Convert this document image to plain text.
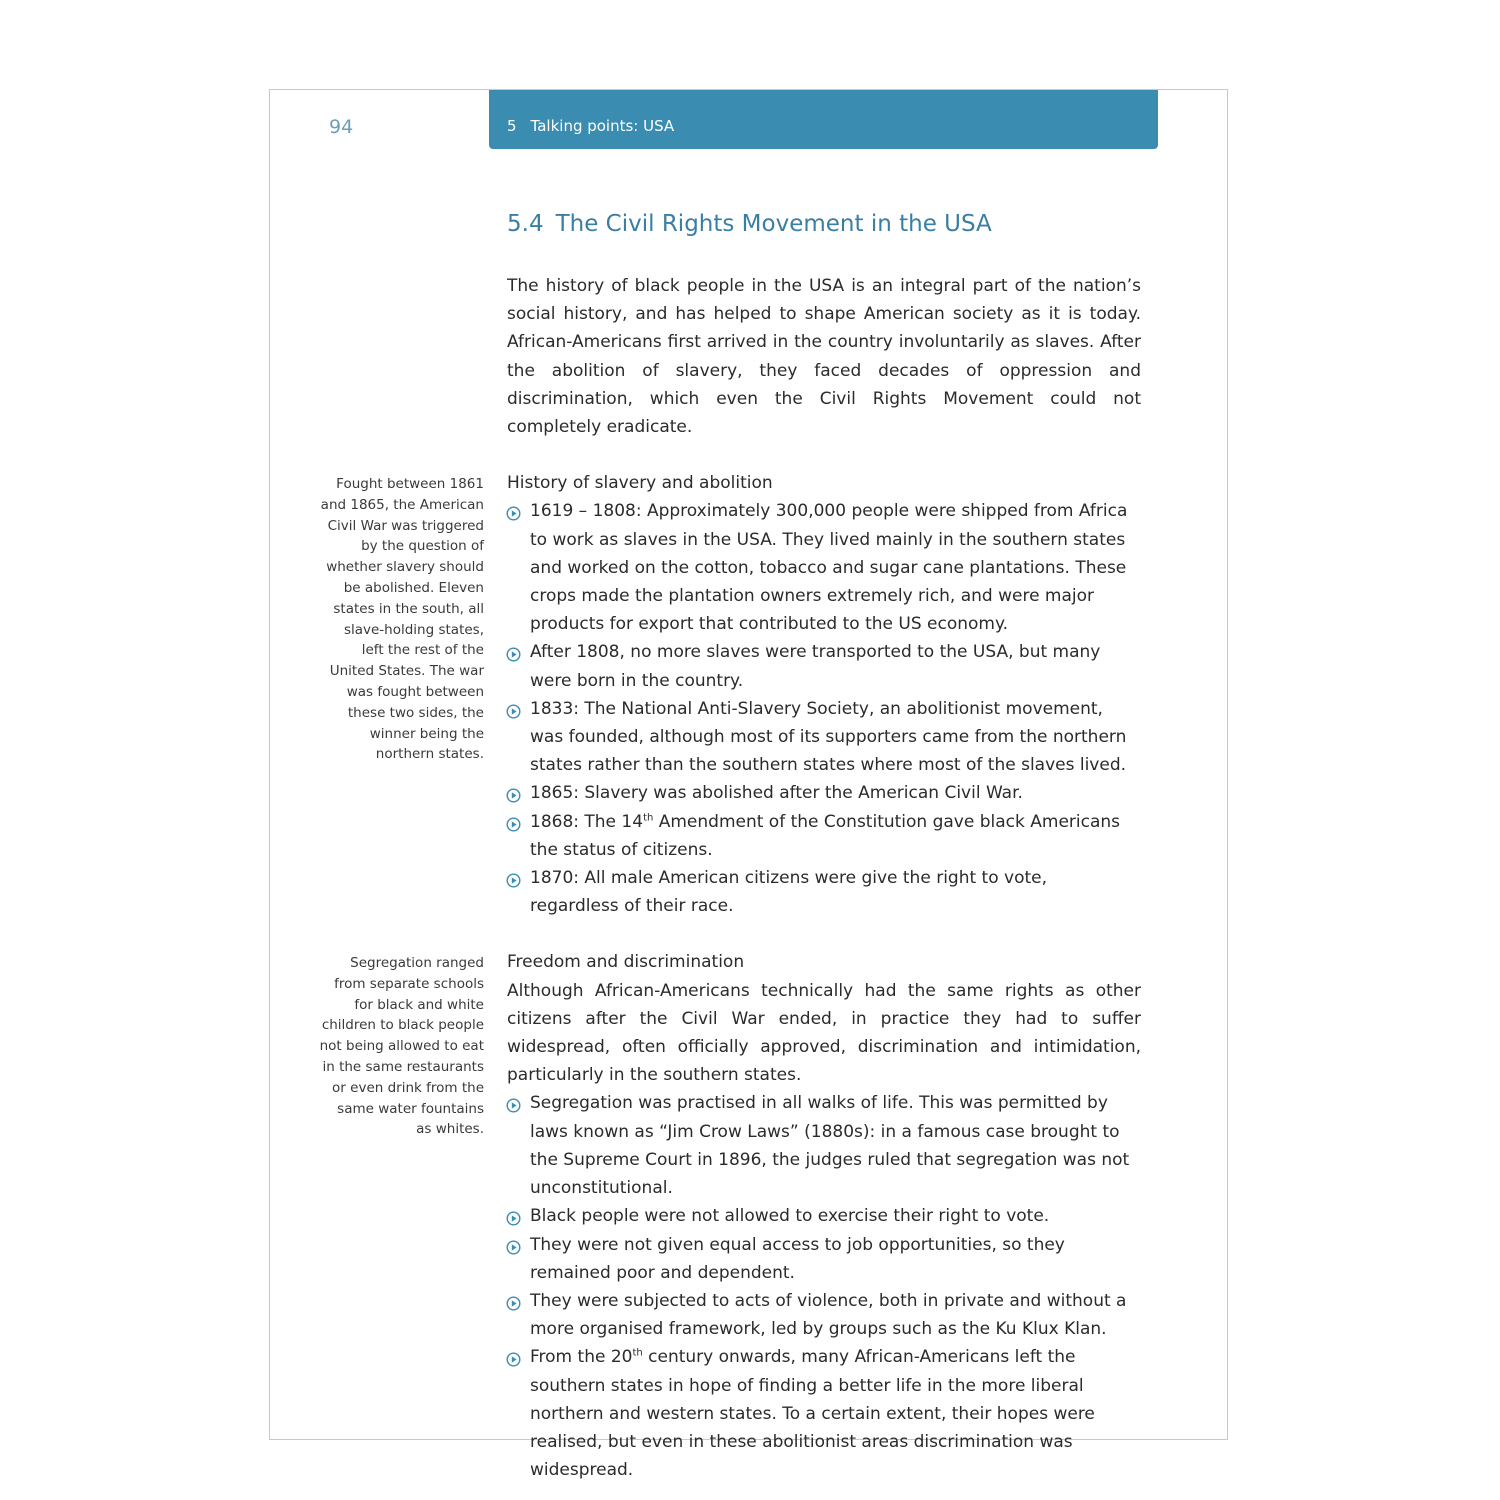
94	5 Talking points: USA
5.4 The Civil Rights Movement in the USA

The history of black people in the USA is an integral part of the nation’s social history, and has helped to shape American society as it is today. African-Americans first arrived in the country involuntarily as slaves. After the abolition of slavery, they faced decades of oppression and discrimination, which even the Civil Rights Movement could not completely eradicate.

History of slavery and abolition

1619 – 1808: Approximately 300,000 people were shipped from Africa to work as slaves in the USA. They lived mainly in the southern states and worked on the cotton, tobacco and sugar cane plantations. These crops made the plantation owners extremely rich, and were major products for export that contributed to the US economy.
After 1808, no more slaves were transported to the USA, but many were born in the country.
1833: The National Anti-Slavery Society, an abolitionist movement, was founded, although most of its supporters came from the northern states rather than the southern states where most of the slaves lived.
1865: Slavery was abolished after the American Civil War.
1868: The 14th Amendment of the Constitution gave black Americans the status of citizens.
1870: All male American citizens were give the right to vote, regardless of their race.

Freedom and discrimination

Although African-Americans technically had the same rights as other citizens after the Civil War ended, in practice they had to suffer widespread, often officially approved, discrimination and intimidation, particularly in the southern states.

Segregation was practised in all walks of life. This was permitted by laws known as “Jim Crow Laws” (1880s): in a famous case brought to the Supreme Court in 1896, the judges ruled that segregation was not unconstitutional.
Black people were not allowed to exercise their right to vote.
They were not given equal access to job opportunities, so they remained poor and dependent.
They were subjected to acts of violence, both in private and without a more organised framework, led by groups such as the Ku Klux Klan.
From the 20th century onwards, many African-Americans left the southern states in hope of finding a better life in the more liberal northern and western states. To a certain extent, their hopes were realised, but even in these abolitionist areas discrimination was widespread.
Fought between 1861 and 1865, the American Civil War was triggered by the question of whether slavery should be abolished. Eleven states in the south, all slave-holding states, left the rest of the United States. The war was fought between these two sides, the winner being the northern states.
Segregation ranged from separate schools for black and white children to black people not being allowed to eat in the same restaurants or even drink from the same water fountains as whites.
